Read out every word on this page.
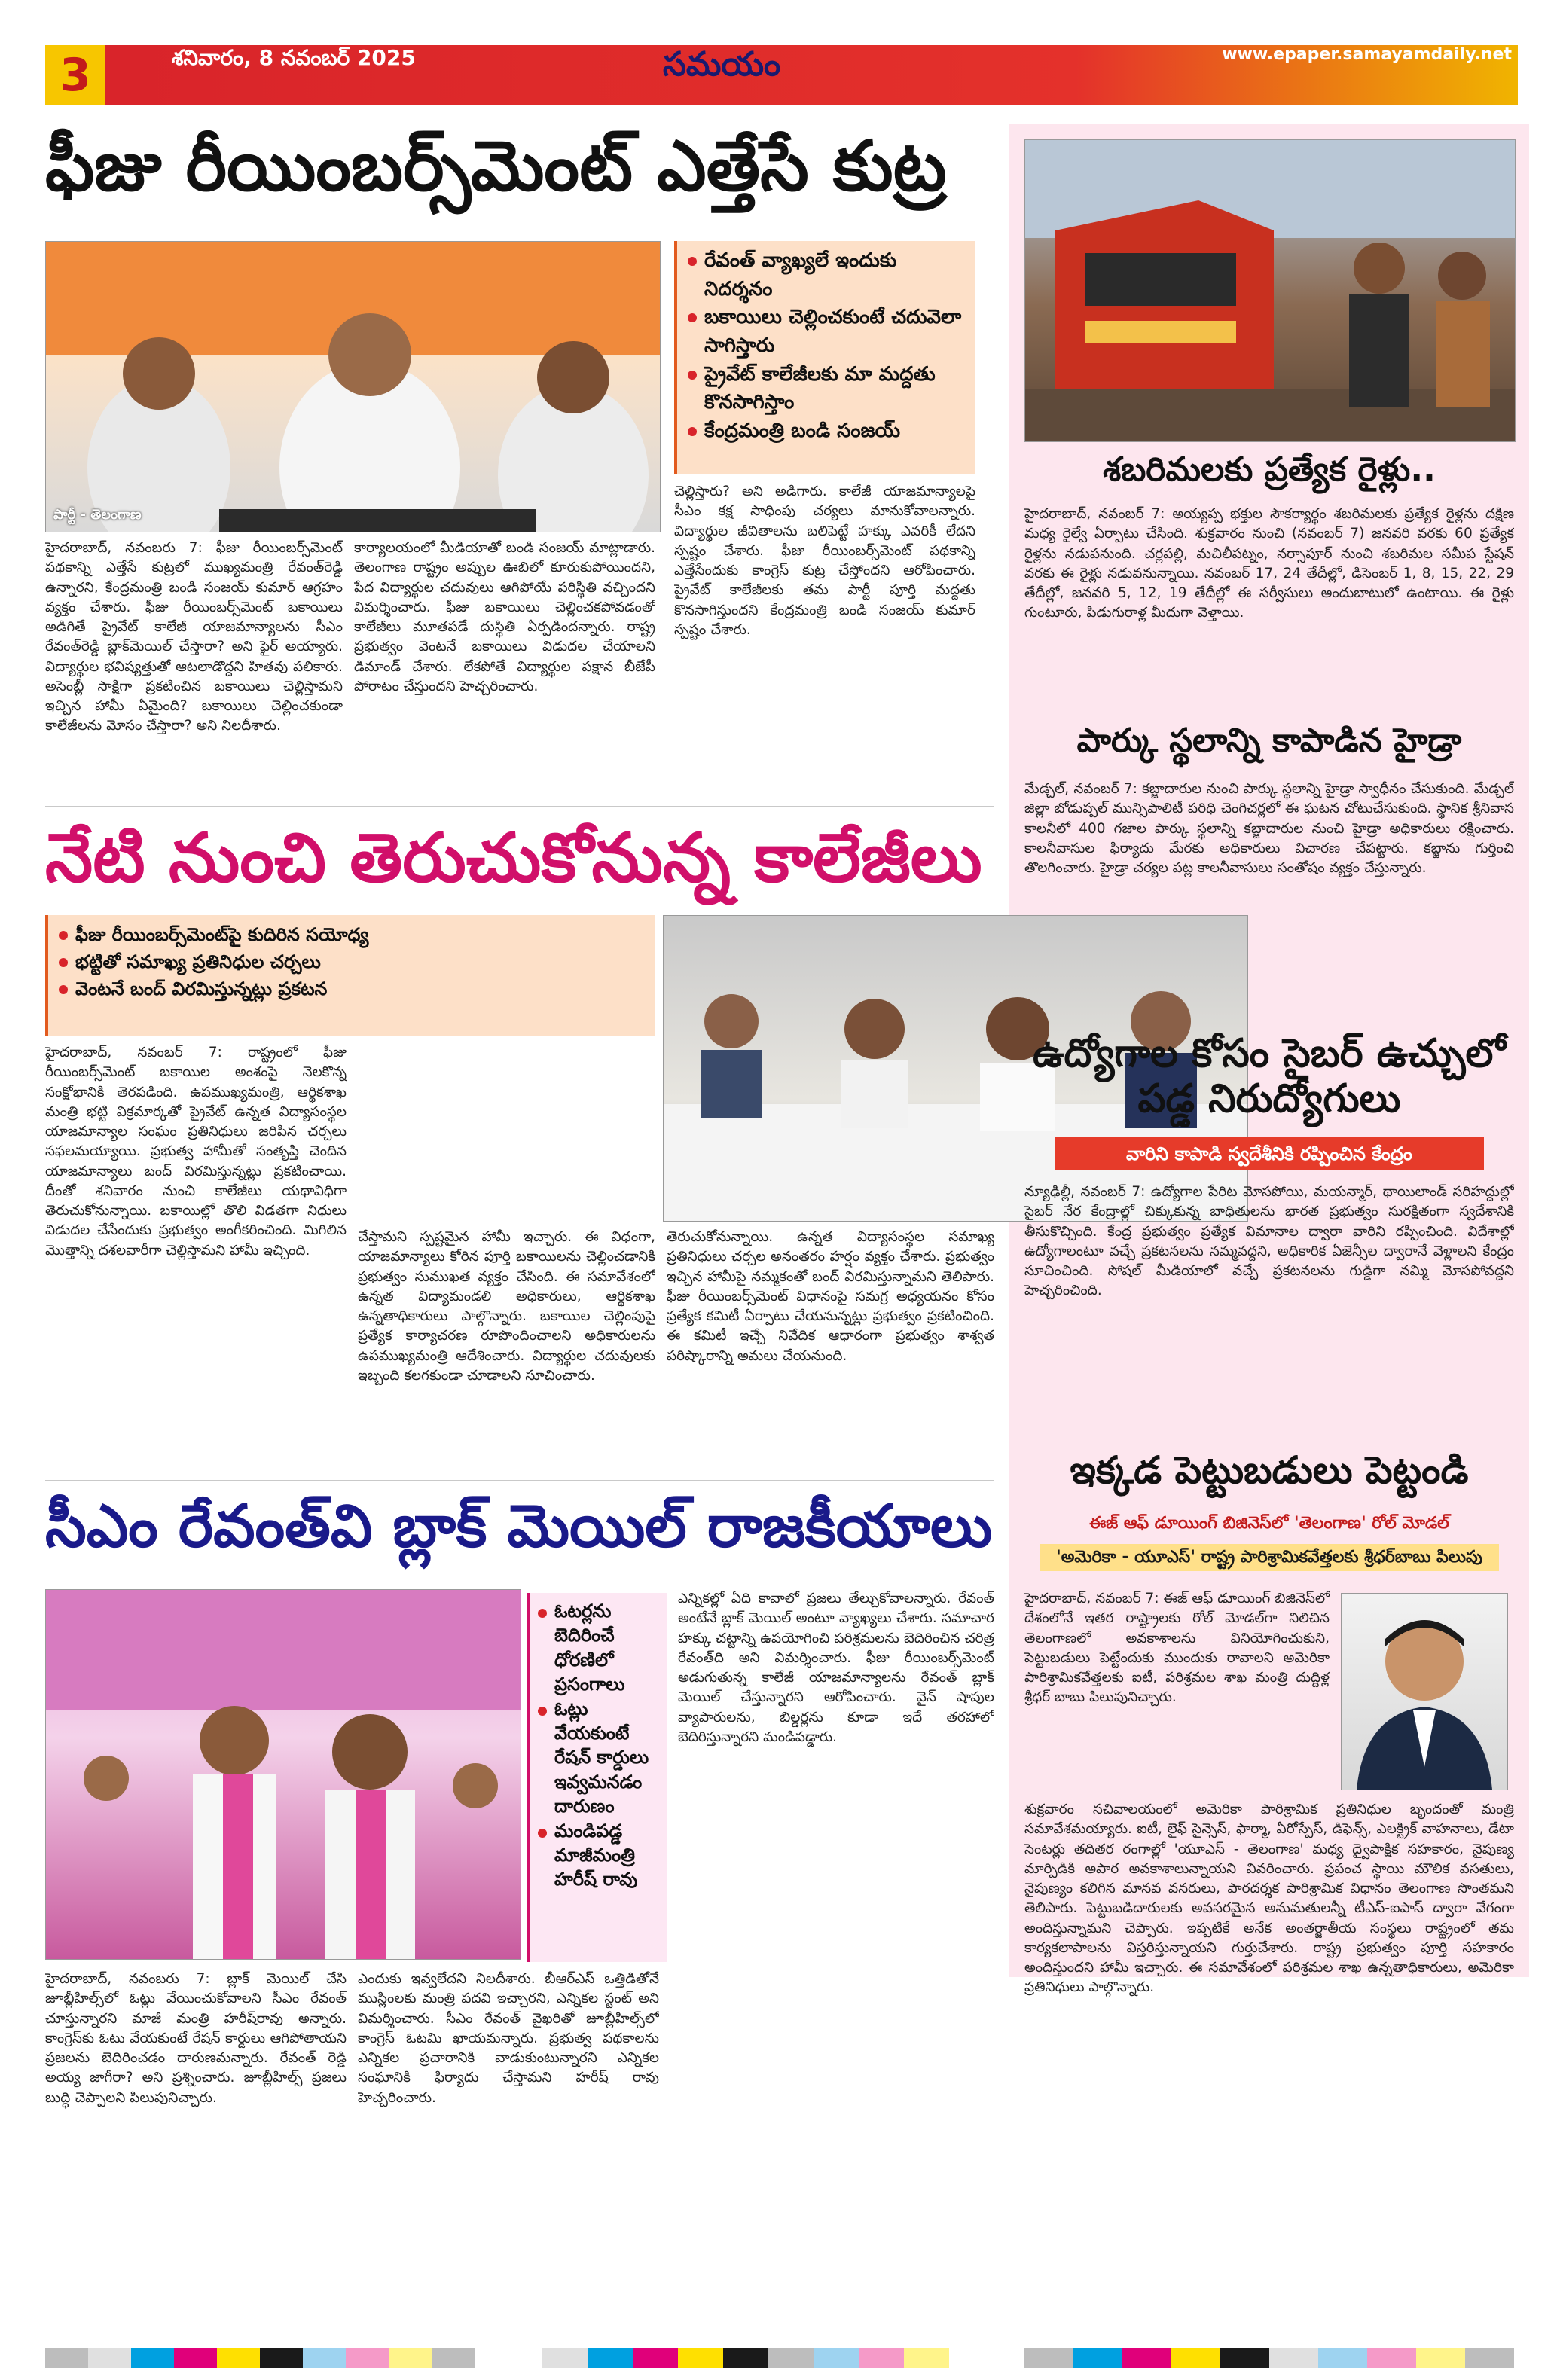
3	శనివారం, 8 నవంబర్ 2025	సమయం	www.epaper.samayamdaily.net
ఫీజు రీయింబర్స్‌మెంట్ ఎత్తేసే కుట్ర
పార్టీ - తెలంగాణ
రేవంత్ వ్యాఖ్యలే ఇందుకు నిదర్శనం
బకాయిలు చెల్లించకుంటే చదువెలా సాగిస్తారు
ప్రైవేట్ కాలేజీలకు మా మద్దతు కొనసాగిస్తాం
కేంద్రమంత్రి బండి సంజయ్
హైదరాబాద్, నవంబరు 7: ఫీజు రీయింబర్స్‌మెంట్ పథకాన్ని ఎత్తేసే కుట్రలో ముఖ్యమంత్రి రేవంత్‌రెడ్డి ఉన్నారని, కేంద్రమంత్రి బండి సంజయ్ కుమార్ ఆగ్రహం వ్యక్తం చేశారు. ఫీజు రీయింబర్స్‌మెంట్ బకాయిలు అడిగితే ప్రైవేట్ కాలేజీ యాజమాన్యాలను సీఎం రేవంత్‌రెడ్డి బ్లాక్‌మెయిల్ చేస్తారా? అని ఫైర్ అయ్యారు. విద్యార్థుల భవిష్యత్తుతో ఆటలాడొద్దని హితవు పలికారు. అసెంబ్లీ సాక్షిగా ప్రకటించిన బకాయిలు చెల్లిస్తామని ఇచ్చిన హామీ ఏమైంది? బకాయిలు చెల్లించకుండా కాలేజీలను మోసం చేస్తారా? అని నిలదీశారు.
కార్యాలయంలో మీడియాతో బండి సంజయ్ మాట్లాడారు. తెలంగాణ రాష్ట్రం అప్పుల ఊబిలో కూరుకుపోయిందని, పేద విద్యార్థుల చదువులు ఆగిపోయే పరిస్థితి వచ్చిందని విమర్శించారు. ఫీజు బకాయిలు చెల్లించకపోవడంతో కాలేజీలు మూతపడే దుస్థితి ఏర్పడిందన్నారు. రాష్ట్ర ప్రభుత్వం వెంటనే బకాయిలు విడుదల చేయాలని డిమాండ్ చేశారు. లేకపోతే విద్యార్థుల పక్షాన బీజేపీ పోరాటం చేస్తుందని హెచ్చరించారు.
చెల్లిస్తారు? అని అడిగారు. కాలేజీ యాజమాన్యాలపై సీఎం కక్ష సాధింపు చర్యలు మానుకోవాలన్నారు. విద్యార్థుల జీవితాలను బలిపెట్టే హక్కు ఎవరికీ లేదని స్పష్టం చేశారు. ఫీజు రీయింబర్స్‌మెంట్ పథకాన్ని ఎత్తేసేందుకు కాంగ్రెస్ కుట్ర చేస్తోందని ఆరోపించారు. ప్రైవేట్ కాలేజీలకు తమ పార్టీ పూర్తి మద్దతు కొనసాగిస్తుందని కేంద్రమంత్రి బండి సంజయ్ కుమార్ స్పష్టం చేశారు.
నేటి నుంచి తెరుచుకోనున్న కాలేజీలు
ఫీజు రీయింబర్స్‌మెంట్‌పై కుదిరిన సయోధ్య
భట్టితో సమాఖ్య ప్రతినిధుల చర్చలు
వెంటనే బంద్ విరమిస్తున్నట్లు ప్రకటన
హైదరాబాద్, నవంబర్ 7: రాష్ట్రంలో ఫీజు రీయింబర్స్‌మెంట్ బకాయిల అంశంపై నెలకొన్న సంక్షోభానికి తెరపడింది. ఉపముఖ్యమంత్రి, ఆర్థికశాఖ మంత్రి భట్టి విక్రమార్కతో ప్రైవేట్ ఉన్నత విద్యాసంస్థల యాజమాన్యాల సంఘం ప్రతినిధులు జరిపిన చర్చలు సఫలమయ్యాయి. ప్రభుత్వ హామీతో సంతృప్తి చెందిన యాజమాన్యాలు బంద్ విరమిస్తున్నట్లు ప్రకటించాయి. దీంతో శనివారం నుంచి కాలేజీలు యథావిధిగా తెరుచుకోనున్నాయి. బకాయిల్లో తొలి విడతగా నిధులు విడుదల చేసేందుకు ప్రభుత్వం అంగీకరించింది. మిగిలిన మొత్తాన్ని దశలవారీగా చెల్లిస్తామని హామీ ఇచ్చింది.
చేస్తామని స్పష్టమైన హామీ ఇచ్చారు. ఈ విధంగా, యాజమాన్యాలు కోరిన పూర్తి బకాయిలను చెల్లించడానికి ప్రభుత్వం సుముఖత వ్యక్తం చేసింది. ఈ సమావేశంలో ఉన్నత విద్యామండలి అధికారులు, ఆర్థికశాఖ ఉన్నతాధికారులు పాల్గొన్నారు. బకాయిల చెల్లింపుపై ప్రత్యేక కార్యాచరణ రూపొందించాలని అధికారులను ఉపముఖ్యమంత్రి ఆదేశించారు. విద్యార్థుల చదువులకు ఇబ్బంది కలగకుండా చూడాలని సూచించారు.
తెరుచుకోనున్నాయి. ఉన్నత విద్యాసంస్థల సమాఖ్య ప్రతినిధులు చర్చల అనంతరం హర్షం వ్యక్తం చేశారు. ప్రభుత్వం ఇచ్చిన హామీపై నమ్మకంతో బంద్ విరమిస్తున్నామని తెలిపారు. ఫీజు రీయింబర్స్‌మెంట్ విధానంపై సమగ్ర అధ్యయనం కోసం ప్రత్యేక కమిటీ ఏర్పాటు చేయనున్నట్లు ప్రభుత్వం ప్రకటించింది. ఈ కమిటీ ఇచ్చే నివేదిక ఆధారంగా ప్రభుత్వం శాశ్వత పరిష్కారాన్ని అమలు చేయనుంది.
సీఎం రేవంత్‌వి బ్లాక్ మెయిల్ రాజకీయాలు
ఓటర్లను బెదిరించే ధోరణిలో ప్రసంగాలు
ఓట్లు వేయకుంటే రేషన్ కార్డులు ఇవ్వమనడం దారుణం
మండిపడ్డ మాజీమంత్రి హరీష్ రావు
ఎన్నికల్లో ఏది కావాలో ప్రజలు తేల్చుకోవాలన్నారు. రేవంత్ అంటేనే బ్లాక్ మెయిల్ అంటూ వ్యాఖ్యలు చేశారు. సమాచార హక్కు చట్టాన్ని ఉపయోగించి పరిశ్రమలను బెదిరించిన చరిత్ర రేవంత్‌ది అని విమర్శించారు. ఫీజు రీయింబర్స్‌మెంట్ అడుగుతున్న కాలేజీ యాజమాన్యాలను రేవంత్ బ్లాక్ మెయిల్ చేస్తున్నారని ఆరోపించారు. వైన్ షాపుల వ్యాపారులను, బిల్డర్లను కూడా ఇదే తరహాలో బెదిరిస్తున్నారని మండిపడ్డారు.
హైదరాబాద్, నవంబరు 7: బ్లాక్ మెయిల్ చేసి జూబ్లీహిల్స్‌లో ఓట్లు వేయించుకోవాలని సీఎం రేవంత్ చూస్తున్నారని మాజీ మంత్రి హరీష్‌రావు అన్నారు. కాంగ్రెస్‌కు ఓటు వేయకుంటే రేషన్ కార్డులు ఆగిపోతాయని ప్రజలను బెదిరించడం దారుణమన్నారు. రేవంత్ రెడ్డి అయ్య జాగీరా? అని ప్రశ్నించారు. జూబ్లీహిల్స్ ప్రజలు బుద్ధి చెప్పాలని పిలుపునిచ్చారు.
ఎందుకు ఇవ్వలేదని నిలదీశారు. బీఆర్‌ఎస్ ఒత్తిడితోనే ముస్లింలకు మంత్రి పదవి ఇచ్చారని, ఎన్నికల స్టంట్ అని విమర్శించారు. సీఎం రేవంత్ వైఖరితో జూబ్లీహిల్స్‌లో కాంగ్రెస్ ఓటమి ఖాయమన్నారు. ప్రభుత్వ పథకాలను ఎన్నికల ప్రచారానికి వాడుకుంటున్నారని ఎన్నికల సంఘానికి ఫిర్యాదు చేస్తామని హరీష్ రావు హెచ్చరించారు.
శబరిమలకు ప్రత్యేక రైళ్లు..
హైదరాబాద్, నవంబర్ 7: అయ్యప్ప భక్తుల సౌకర్యార్థం శబరిమలకు ప్రత్యేక రైళ్లను దక్షిణ మధ్య రైల్వే ఏర్పాటు చేసింది. శుక్రవారం నుంచి (నవంబర్ 7) జనవరి వరకు 60 ప్రత్యేక రైళ్లను నడుపనుంది. చర్లపల్లి, మచిలీపట్నం, నర్సాపూర్ నుంచి శబరిమల సమీప స్టేషన్ వరకు ఈ రైళ్లు నడువనున్నాయి. నవంబర్ 17, 24 తేదీల్లో, డిసెంబర్ 1, 8, 15, 22, 29 తేదీల్లో, జనవరి 5, 12, 19 తేదీల్లో ఈ సర్వీసులు అందుబాటులో ఉంటాయి. ఈ రైళ్లు గుంటూరు, పిడుగురాళ్ల మీదుగా వెళ్తాయి.
పార్కు స్థలాన్ని కాపాడిన హైడ్రా
మేడ్చల్, నవంబర్ 7: కబ్జాదారుల నుంచి పార్కు స్థలాన్ని హైడ్రా స్వాధీనం చేసుకుంది. మేడ్చల్ జిల్లా బోడుప్పల్ మున్సిపాలిటీ పరిధి చెంగిచర్లలో ఈ ఘటన చోటుచేసుకుంది. స్థానిక శ్రీనివాస కాలనీలో 400 గజాల పార్కు స్థలాన్ని కబ్జాదారుల నుంచి హైడ్రా అధికారులు రక్షించారు. కాలనీవాసుల ఫిర్యాదు మేరకు అధికారులు విచారణ చేపట్టారు. కబ్జాను గుర్తించి తొలగించారు. హైడ్రా చర్యల పట్ల కాలనీవాసులు సంతోషం వ్యక్తం చేస్తున్నారు.
ఉద్యోగాల కోసం సైబర్ ఉచ్చులో పడ్డ నిరుద్యోగులు
వారిని కాపాడి స్వదేశీనికి రప్పించిన కేంద్రం
న్యూఢిల్లీ, నవంబర్ 7: ఉద్యోగాల పేరిట మోసపోయి, మయన్మార్, థాయిలాండ్ సరిహద్దుల్లో సైబర్ నేర కేంద్రాల్లో చిక్కుకున్న బాధితులను భారత ప్రభుత్వం సురక్షితంగా స్వదేశానికి తీసుకొచ్చింది. కేంద్ర ప్రభుత్వం ప్రత్యేక విమానాల ద్వారా వారిని రప్పించింది. విదేశాల్లో ఉద్యోగాలంటూ వచ్చే ప్రకటనలను నమ్మవద్దని, అధికారిక ఏజెన్సీల ద్వారానే వెళ్లాలని కేంద్రం సూచించింది. సోషల్ మీడియాలో వచ్చే ప్రకటనలను గుడ్డిగా నమ్మి మోసపోవద్దని హెచ్చరించింది.
ఇక్కడ పెట్టుబడులు పెట్టండి
ఈజ్ ఆఫ్ డూయింగ్ బిజినెస్‌లో 'తెలంగాణ' రోల్ మోడల్
'అమెరికా - యూఎస్' రాష్ట్ర పారిశ్రామికవేత్తలకు శ్రీధర్‌బాబు పిలుపు
హైదరాబాద్, నవంబర్ 7: ఈజ్ ఆఫ్ డూయింగ్ బిజినెస్‌లో దేశంలోనే ఇతర రాష్ట్రాలకు రోల్ మోడల్‌గా నిలిచిన తెలంగాణలో అవకాశాలను వినియోగించుకుని, పెట్టుబడులు పెట్టేందుకు ముందుకు రావాలని అమెరికా పారిశ్రామికవేత్తలకు ఐటీ, పరిశ్రమల శాఖ మంత్రి దుద్దిళ్ల శ్రీధర్ బాబు పిలుపునిచ్చారు.
శుక్రవారం సచివాలయంలో అమెరికా పారిశ్రామిక ప్రతినిధుల బృందంతో మంత్రి సమావేశమయ్యారు. ఐటీ, లైఫ్ సైన్సెస్, ఫార్మా, ఏరోస్పేస్, డిఫెన్స్, ఎలక్ట్రిక్ వాహనాలు, డేటా సెంటర్లు తదితర రంగాల్లో 'యూఎస్ - తెలంగాణ' మధ్య ద్వైపాక్షిక సహకారం, నైపుణ్య మార్పిడికి అపార అవకాశాలున్నాయని వివరించారు. ప్రపంచ స్థాయి మౌలిక వసతులు, నైపుణ్యం కలిగిన మానవ వనరులు, పారదర్శక పారిశ్రామిక విధానం తెలంగాణ సొంతమని తెలిపారు. పెట్టుబడిదారులకు అవసరమైన అనుమతులన్నీ టీఎస్-ఐపాస్ ద్వారా వేగంగా అందిస్తున్నామని చెప్పారు. ఇప్పటికే అనేక అంతర్జాతీయ సంస్థలు రాష్ట్రంలో తమ కార్యకలాపాలను విస్తరిస్తున్నాయని గుర్తుచేశారు. రాష్ట్ర ప్రభుత్వం పూర్తి సహకారం అందిస్తుందని హామీ ఇచ్చారు. ఈ సమావేశంలో పరిశ్రమల శాఖ ఉన్నతాధికారులు, అమెరికా ప్రతినిధులు పాల్గొన్నారు.
